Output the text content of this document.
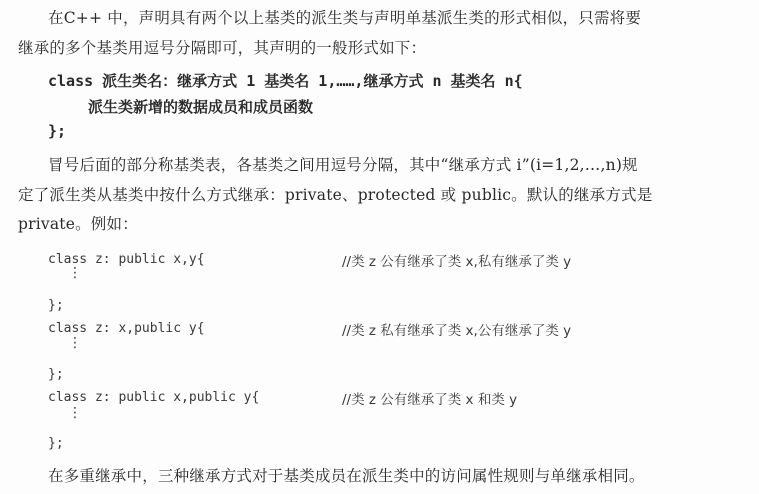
在C++ 中，声明具有两个以上基类的派生类与声明单基派生类的形式相似，只需将要
继承的多个基类用逗号分隔即可，其声明的一般形式如下：
class 派生类名：继承方式 1 基类名 1,……,继承方式 n 基类名 n{
派生类新增的数据成员和成员函数
};
冒号后面的部分称基类表，各基类之间用逗号分隔，其中“继承方式 i”(i=1,2,…,n)规
定了派生类从基类中按什么方式继承：private、protected 或 public。默认的继承方式是
private。例如：
class z: public x,y{	//类 z 公有继承了类 x,私有继承了类 y
⋮
};
class z: x,public y{	//类 z 私有继承了类 x,公有继承了类 y
⋮
};
class z: public x,public y{	//类 z 公有继承了类 x 和类 y
⋮
};
在多重继承中，三种继承方式对于基类成员在派生类中的访问属性规则与单继承相同。
